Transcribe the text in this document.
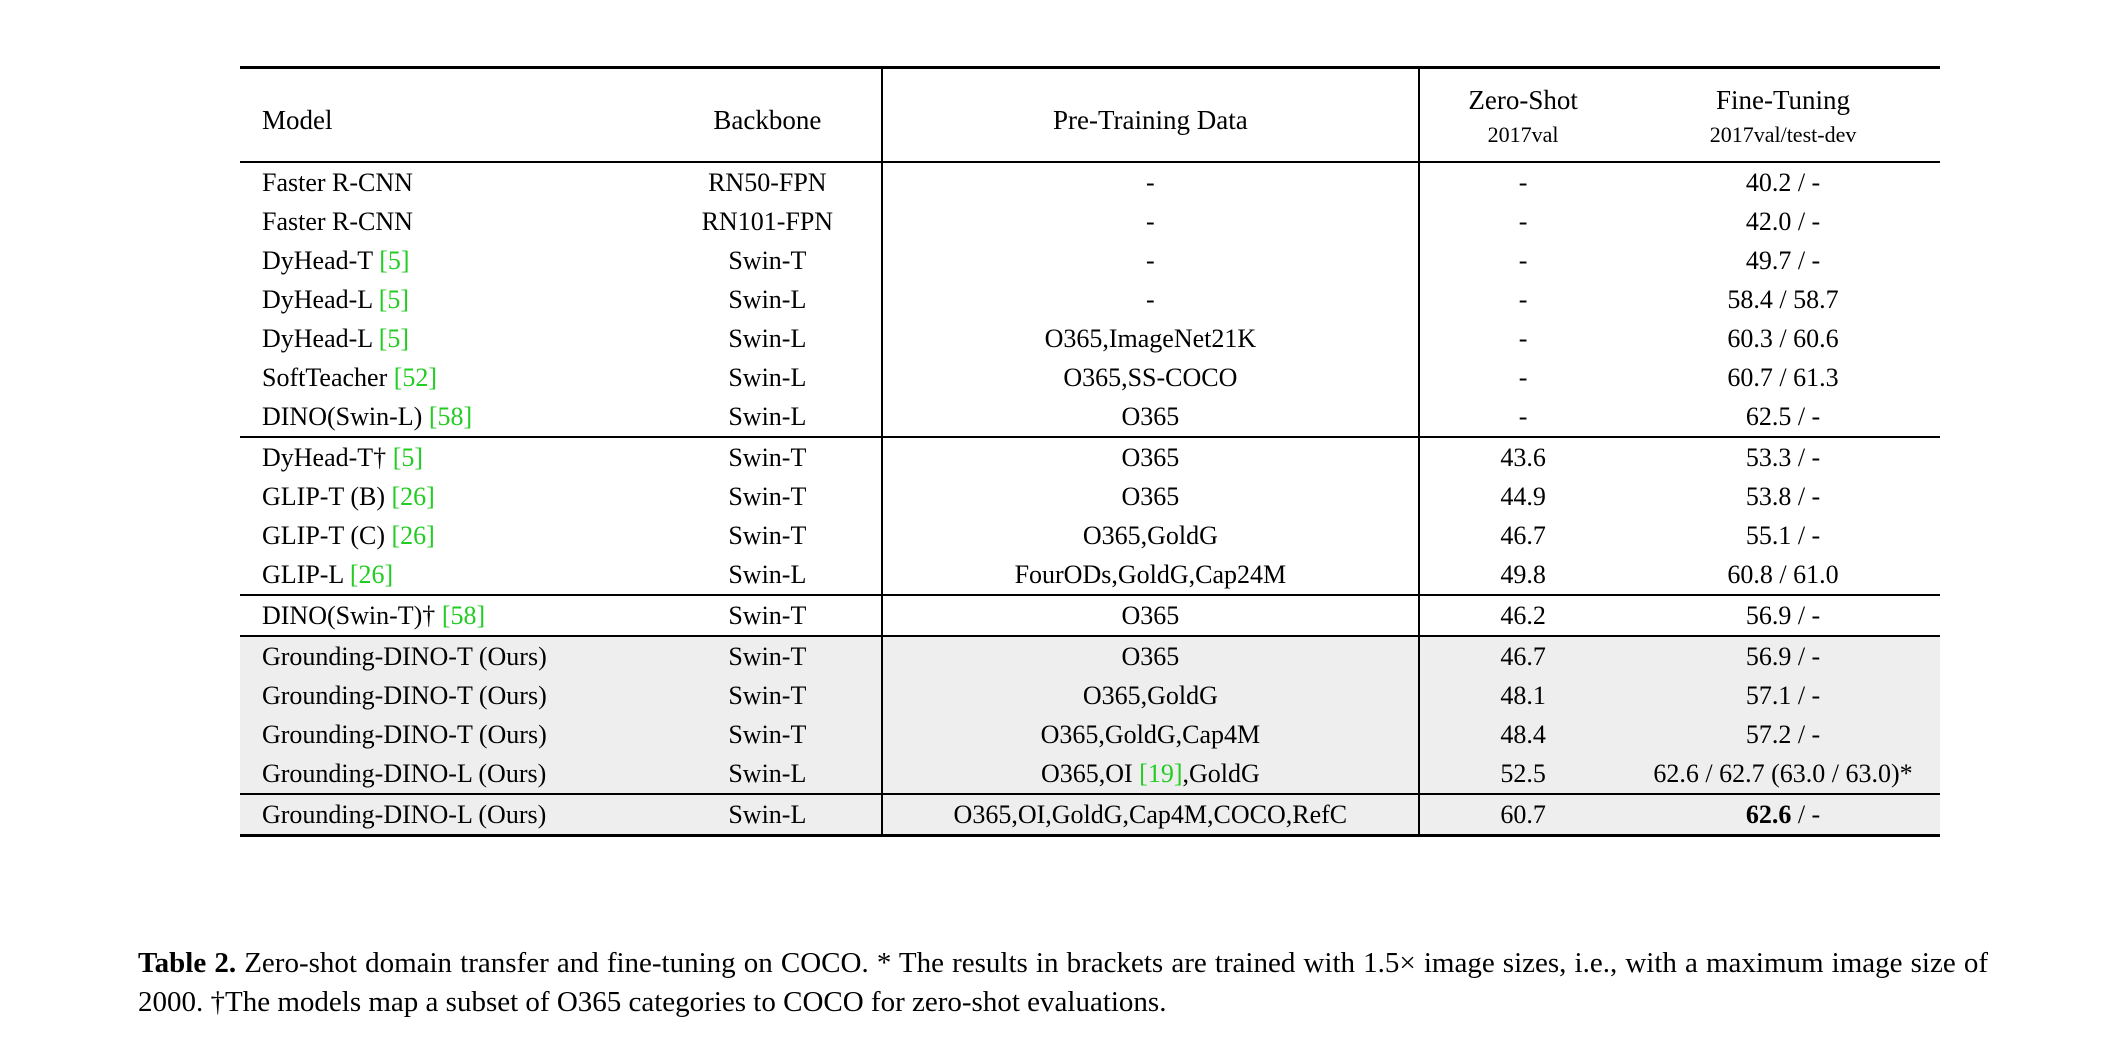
Model	Backbone	Pre-Training Data	Zero-Shot	Fine-Tuning
			2017val	2017val/test-dev
Faster R-CNN	RN50-FPN	-	-	40.2 / -
Faster R-CNN	RN101-FPN	-	-	42.0 / -
DyHead-T [5]	Swin-T	-	-	49.7 / -
DyHead-L [5]	Swin-L	-	-	58.4 / 58.7
DyHead-L [5]	Swin-L	O365,ImageNet21K	-	60.3 / 60.6
SoftTeacher [52]	Swin-L	O365,SS-COCO	-	60.7 / 61.3
DINO(Swin-L) [58]	Swin-L	O365	-	62.5 / -
DyHead-T† [5]	Swin-T	O365	43.6	53.3 / -
GLIP-T (B) [26]	Swin-T	O365	44.9	53.8 / -
GLIP-T (C) [26]	Swin-T	O365,GoldG	46.7	55.1 / -
GLIP-L [26]	Swin-L	FourODs,GoldG,Cap24M	49.8	60.8 / 61.0
DINO(Swin-T)† [58]	Swin-T	O365	46.2	56.9 / -
Grounding-DINO-T (Ours)	Swin-T	O365	46.7	56.9 / -
Grounding-DINO-T (Ours)	Swin-T	O365,GoldG	48.1	57.1 / -
Grounding-DINO-T (Ours)	Swin-T	O365,GoldG,Cap4M	48.4	57.2 / -
Grounding-DINO-L (Ours)	Swin-L	O365,OI [19],GoldG	52.5	62.6 / 62.7 (63.0 / 63.0)*
Grounding-DINO-L (Ours)	Swin-L	O365,OI,GoldG,Cap4M,COCO,RefC	60.7	62.6 / -
Table 2. Zero-shot domain transfer and fine-tuning on COCO. * The results in brackets are trained with 1.5× image sizes, i.e., with a maximum image size of 2000. †The models map a subset of O365 categories to COCO for zero-shot evaluations.
